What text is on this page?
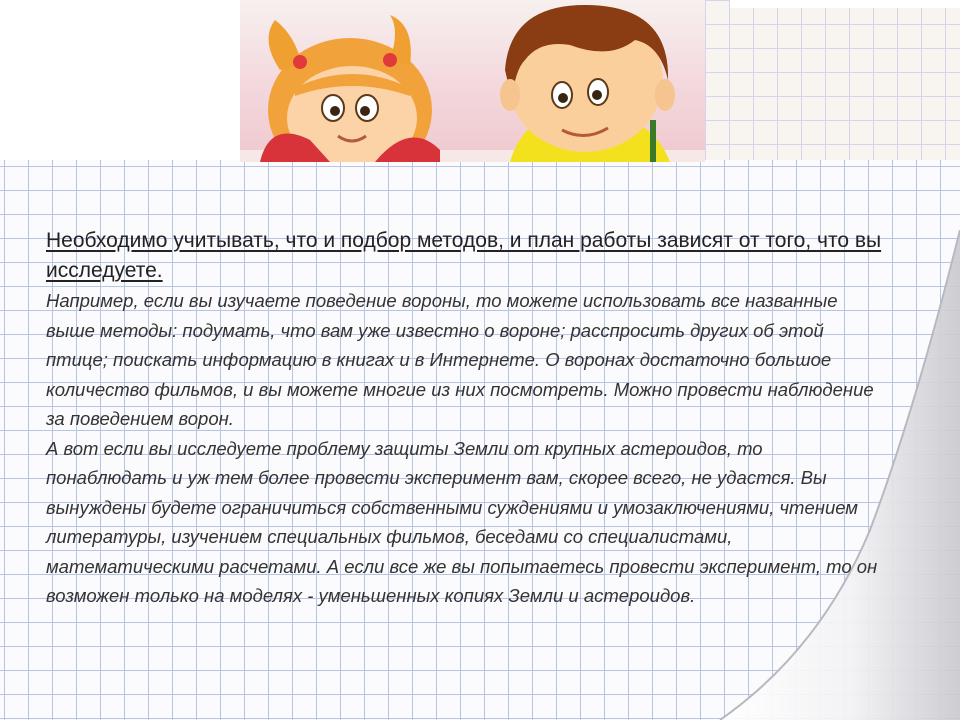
Необходимо учитывать, что и подбор методов, и план работы зависят от того, что вы исследуете.

Например, если вы изучаете поведение вороны, то можете использовать все названные выше методы: подумать, что вам уже известно о вороне; расспросить других об этой птице; поискать информацию в книгах и в Интернете. О воронах достаточно большое количество фильмов, и вы можете многие из них посмотреть. Можно провести наблюдение за поведением ворон.

А вот если вы исследуете проблему защиты Земли от крупных астероидов, то понаблюдать и уж тем более провести эксперимент вам, скорее всего, не удастся. Вы вынуждены будете ограничиться собственными суждениями и умозаключениями, чтением литературы, изучением специальных фильмов, беседами со специалистами, математическими расчетами. А если все же вы попытаетесь провести эксперимент, то он возможен только на моделях - уменьшенных копиях Земли и астероидов.
